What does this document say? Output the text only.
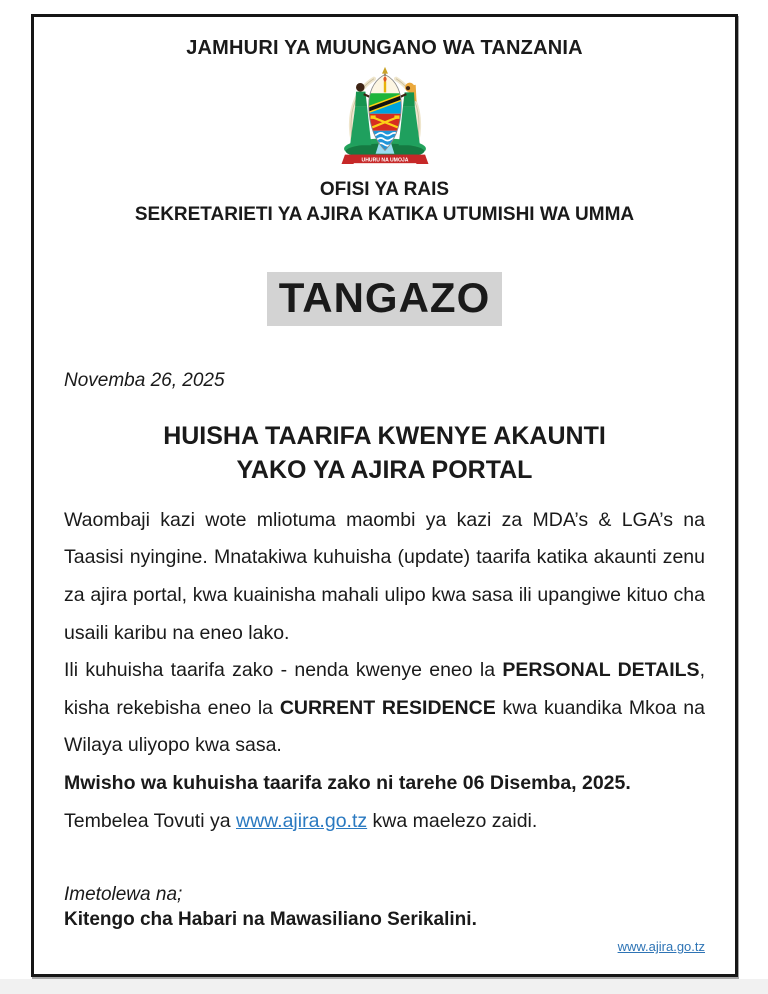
JAMHURI YA MUUNGANO WA TANZANIA
UHURU NA UMOJA
OFISI YA RAIS
SEKRETARIETI YA AJIRA KATIKA UTUMISHI WA UMMA
TANGAZO
Novemba 26, 2025
HUISHA TAARIFA KWENYE AKAUNTI
YAKO YA AJIRA PORTAL

Waombaji kazi wote mliotuma maombi ya kazi za MDA’s & LGA’s na Taasisi nyingine. Mnatakiwa kuhuisha (update) taarifa katika akaunti zenu za ajira portal, kwa kuainisha mahali ulipo kwa sasa ili upangiwe kituo cha usaili karibu na eneo lako.

Ili kuhuisha taarifa zako - nenda kwenye eneo la PERSONAL DETAILS, kisha rekebisha eneo la CURRENT RESIDENCE kwa kuandika Mkoa na Wilaya uliyopo kwa sasa.

Mwisho wa kuhuisha taarifa zako ni tarehe 06 Disemba, 2025.

Tembelea Tovuti ya www.ajira.go.tz kwa maelezo zaidi.

Imetolewa na;
Kitengo cha Habari na Mawasiliano Serikalini.
www.ajira.go.tz
